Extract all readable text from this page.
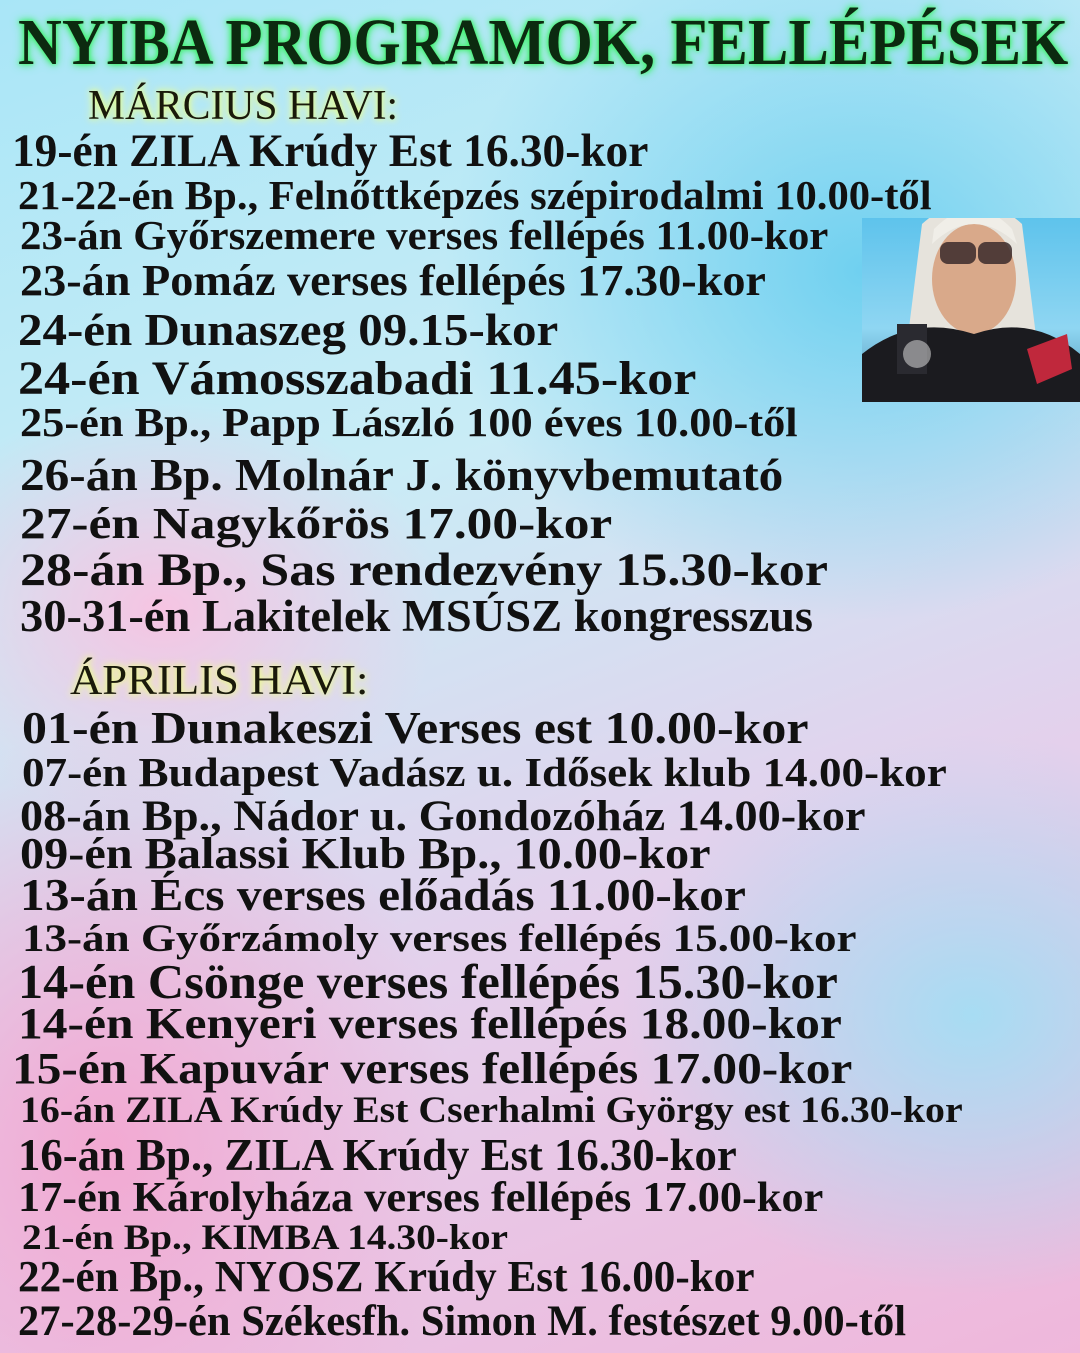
NYIBA PROGRAMOK, FELLÉPÉSEK
MÁRCIUS HAVI:
19-én ZILA Krúdy Est 16.30-kor
21-22-én Bp., Felnőttképzés szépirodalmi 10.00-től
23-án Győrszemere verses fellépés 11.00-kor
23-án Pomáz verses fellépés 17.30-kor
24-én Dunaszeg 09.15-kor
24-én Vámosszabadi 11.45-kor
25-én Bp., Papp László 100 éves 10.00-től
26-án Bp. Molnár J. könyvbemutató
27-én Nagykőrös 17.00-kor
28-án Bp., Sas rendezvény 15.30-kor
30-31-én Lakitelek MSÚSZ kongresszus
ÁPRILIS HAVI:
01-én Dunakeszi Verses est 10.00-kor
07-én Budapest Vadász u. Idősek klub 14.00-kor
08-án Bp., Nádor u. Gondozóház 14.00-kor
09-én Balassi Klub Bp., 10.00-kor
13-án Écs verses előadás 11.00-kor
13-án Győrzámoly verses fellépés 15.00-kor
14-én Csönge verses fellépés 15.30-kor
14-én Kenyeri verses fellépés 18.00-kor
15-én Kapuvár verses fellépés 17.00-kor
16-án ZILA Krúdy Est Cserhalmi György est 16.30-kor
16-án Bp., ZILA Krúdy Est 16.30-kor
17-én Károlyháza verses fellépés 17.00-kor
21-én Bp., KIMBA 14.30-kor
22-én Bp., NYOSZ Krúdy Est 16.00-kor
27-28-29-én Székesfh. Simon M. festészet 9.00-től
